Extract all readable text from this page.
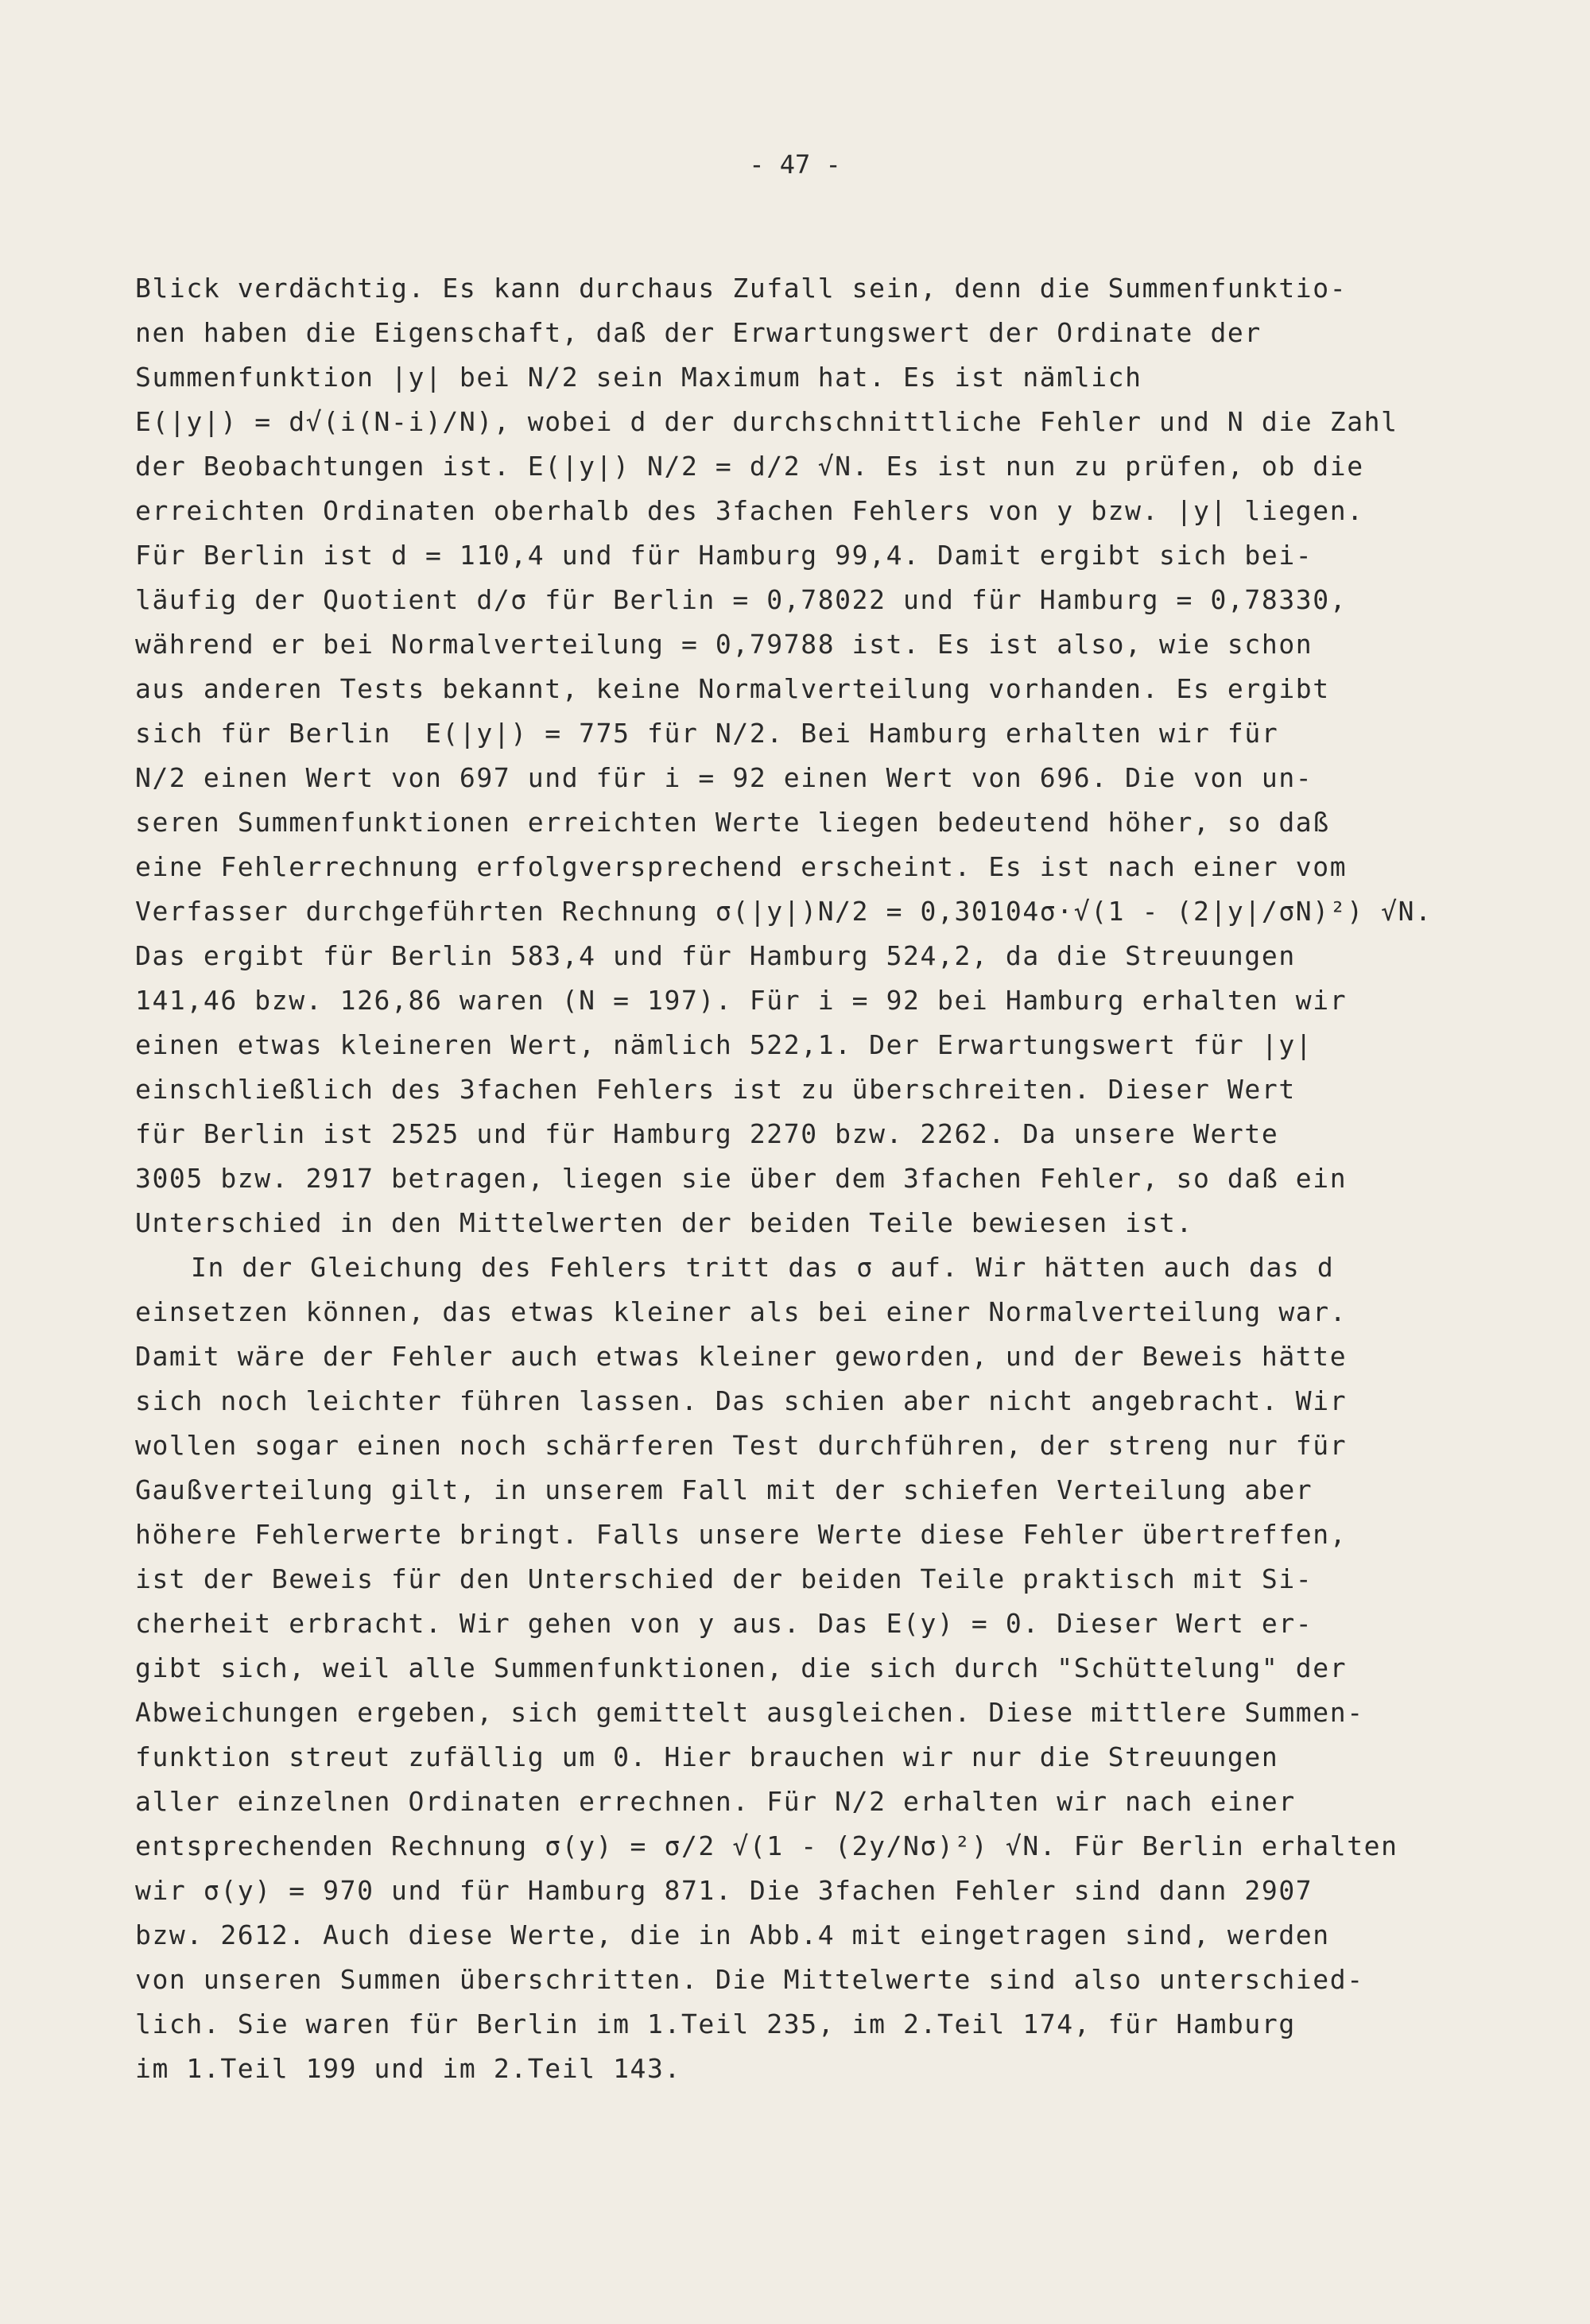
- 47 -
Blick verdächtig. Es kann durchaus Zufall sein, denn die Summenfunktio-
nen haben die Eigenschaft, daß der Erwartungswert der Ordinate der
Summenfunktion |y| bei N/2 sein Maximum hat. Es ist nämlich
E(|y|) = d√(i(N-i)/N), wobei d der durchschnittliche Fehler und N die Zahl
der Beobachtungen ist. E(|y|) N/2 = d/2 √N. Es ist nun zu prüfen, ob die
erreichten Ordinaten oberhalb des 3fachen Fehlers von y bzw. |y| liegen.
Für Berlin ist d = 110,4 und für Hamburg 99,4. Damit ergibt sich bei-
läufig der Quotient d/σ für Berlin = 0,78022 und für Hamburg = 0,78330,
während er bei Normalverteilung = 0,79788 ist. Es ist also, wie schon
aus anderen Tests bekannt, keine Normalverteilung vorhanden. Es ergibt
sich für Berlin  E(|y|) = 775 für N/2. Bei Hamburg erhalten wir für
N/2 einen Wert von 697 und für i = 92 einen Wert von 696. Die von un-
seren Summenfunktionen erreichten Werte liegen bedeutend höher, so daß
eine Fehlerrechnung erfolgversprechend erscheint. Es ist nach einer vom
Verfasser durchgeführten Rechnung σ(|y|)N/2 = 0,30104σ·√(1 - (2|y|/σN)²) √N.
Das ergibt für Berlin 583,4 und für Hamburg 524,2, da die Streuungen
141,46 bzw. 126,86 waren (N = 197). Für i = 92 bei Hamburg erhalten wir
einen etwas kleineren Wert, nämlich 522,1. Der Erwartungswert für |y|
einschließlich des 3fachen Fehlers ist zu überschreiten. Dieser Wert
für Berlin ist 2525 und für Hamburg 2270 bzw. 2262. Da unsere Werte
3005 bzw. 2917 betragen, liegen sie über dem 3fachen Fehler, so daß ein
Unterschied in den Mittelwerten der beiden Teile bewiesen ist.
In der Gleichung des Fehlers tritt das σ auf. Wir hätten auch das d
einsetzen können, das etwas kleiner als bei einer Normalverteilung war.
Damit wäre der Fehler auch etwas kleiner geworden, und der Beweis hätte
sich noch leichter führen lassen. Das schien aber nicht angebracht. Wir
wollen sogar einen noch schärferen Test durchführen, der streng nur für
Gaußverteilung gilt, in unserem Fall mit der schiefen Verteilung aber
höhere Fehlerwerte bringt. Falls unsere Werte diese Fehler übertreffen,
ist der Beweis für den Unterschied der beiden Teile praktisch mit Si-
cherheit erbracht. Wir gehen von y aus. Das E(y) = 0. Dieser Wert er-
gibt sich, weil alle Summenfunktionen, die sich durch "Schüttelung" der
Abweichungen ergeben, sich gemittelt ausgleichen. Diese mittlere Summen-
funktion streut zufällig um 0. Hier brauchen wir nur die Streuungen
aller einzelnen Ordinaten errechnen. Für N/2 erhalten wir nach einer
entsprechenden Rechnung σ(y) = σ/2 √(1 - (2y/Nσ)²) √N. Für Berlin erhalten
wir σ(y) = 970 und für Hamburg 871. Die 3fachen Fehler sind dann 2907
bzw. 2612. Auch diese Werte, die in Abb.4 mit eingetragen sind, werden
von unseren Summen überschritten. Die Mittelwerte sind also unterschied-
lich. Sie waren für Berlin im 1.Teil 235, im 2.Teil 174, für Hamburg
im 1.Teil 199 und im 2.Teil 143.
